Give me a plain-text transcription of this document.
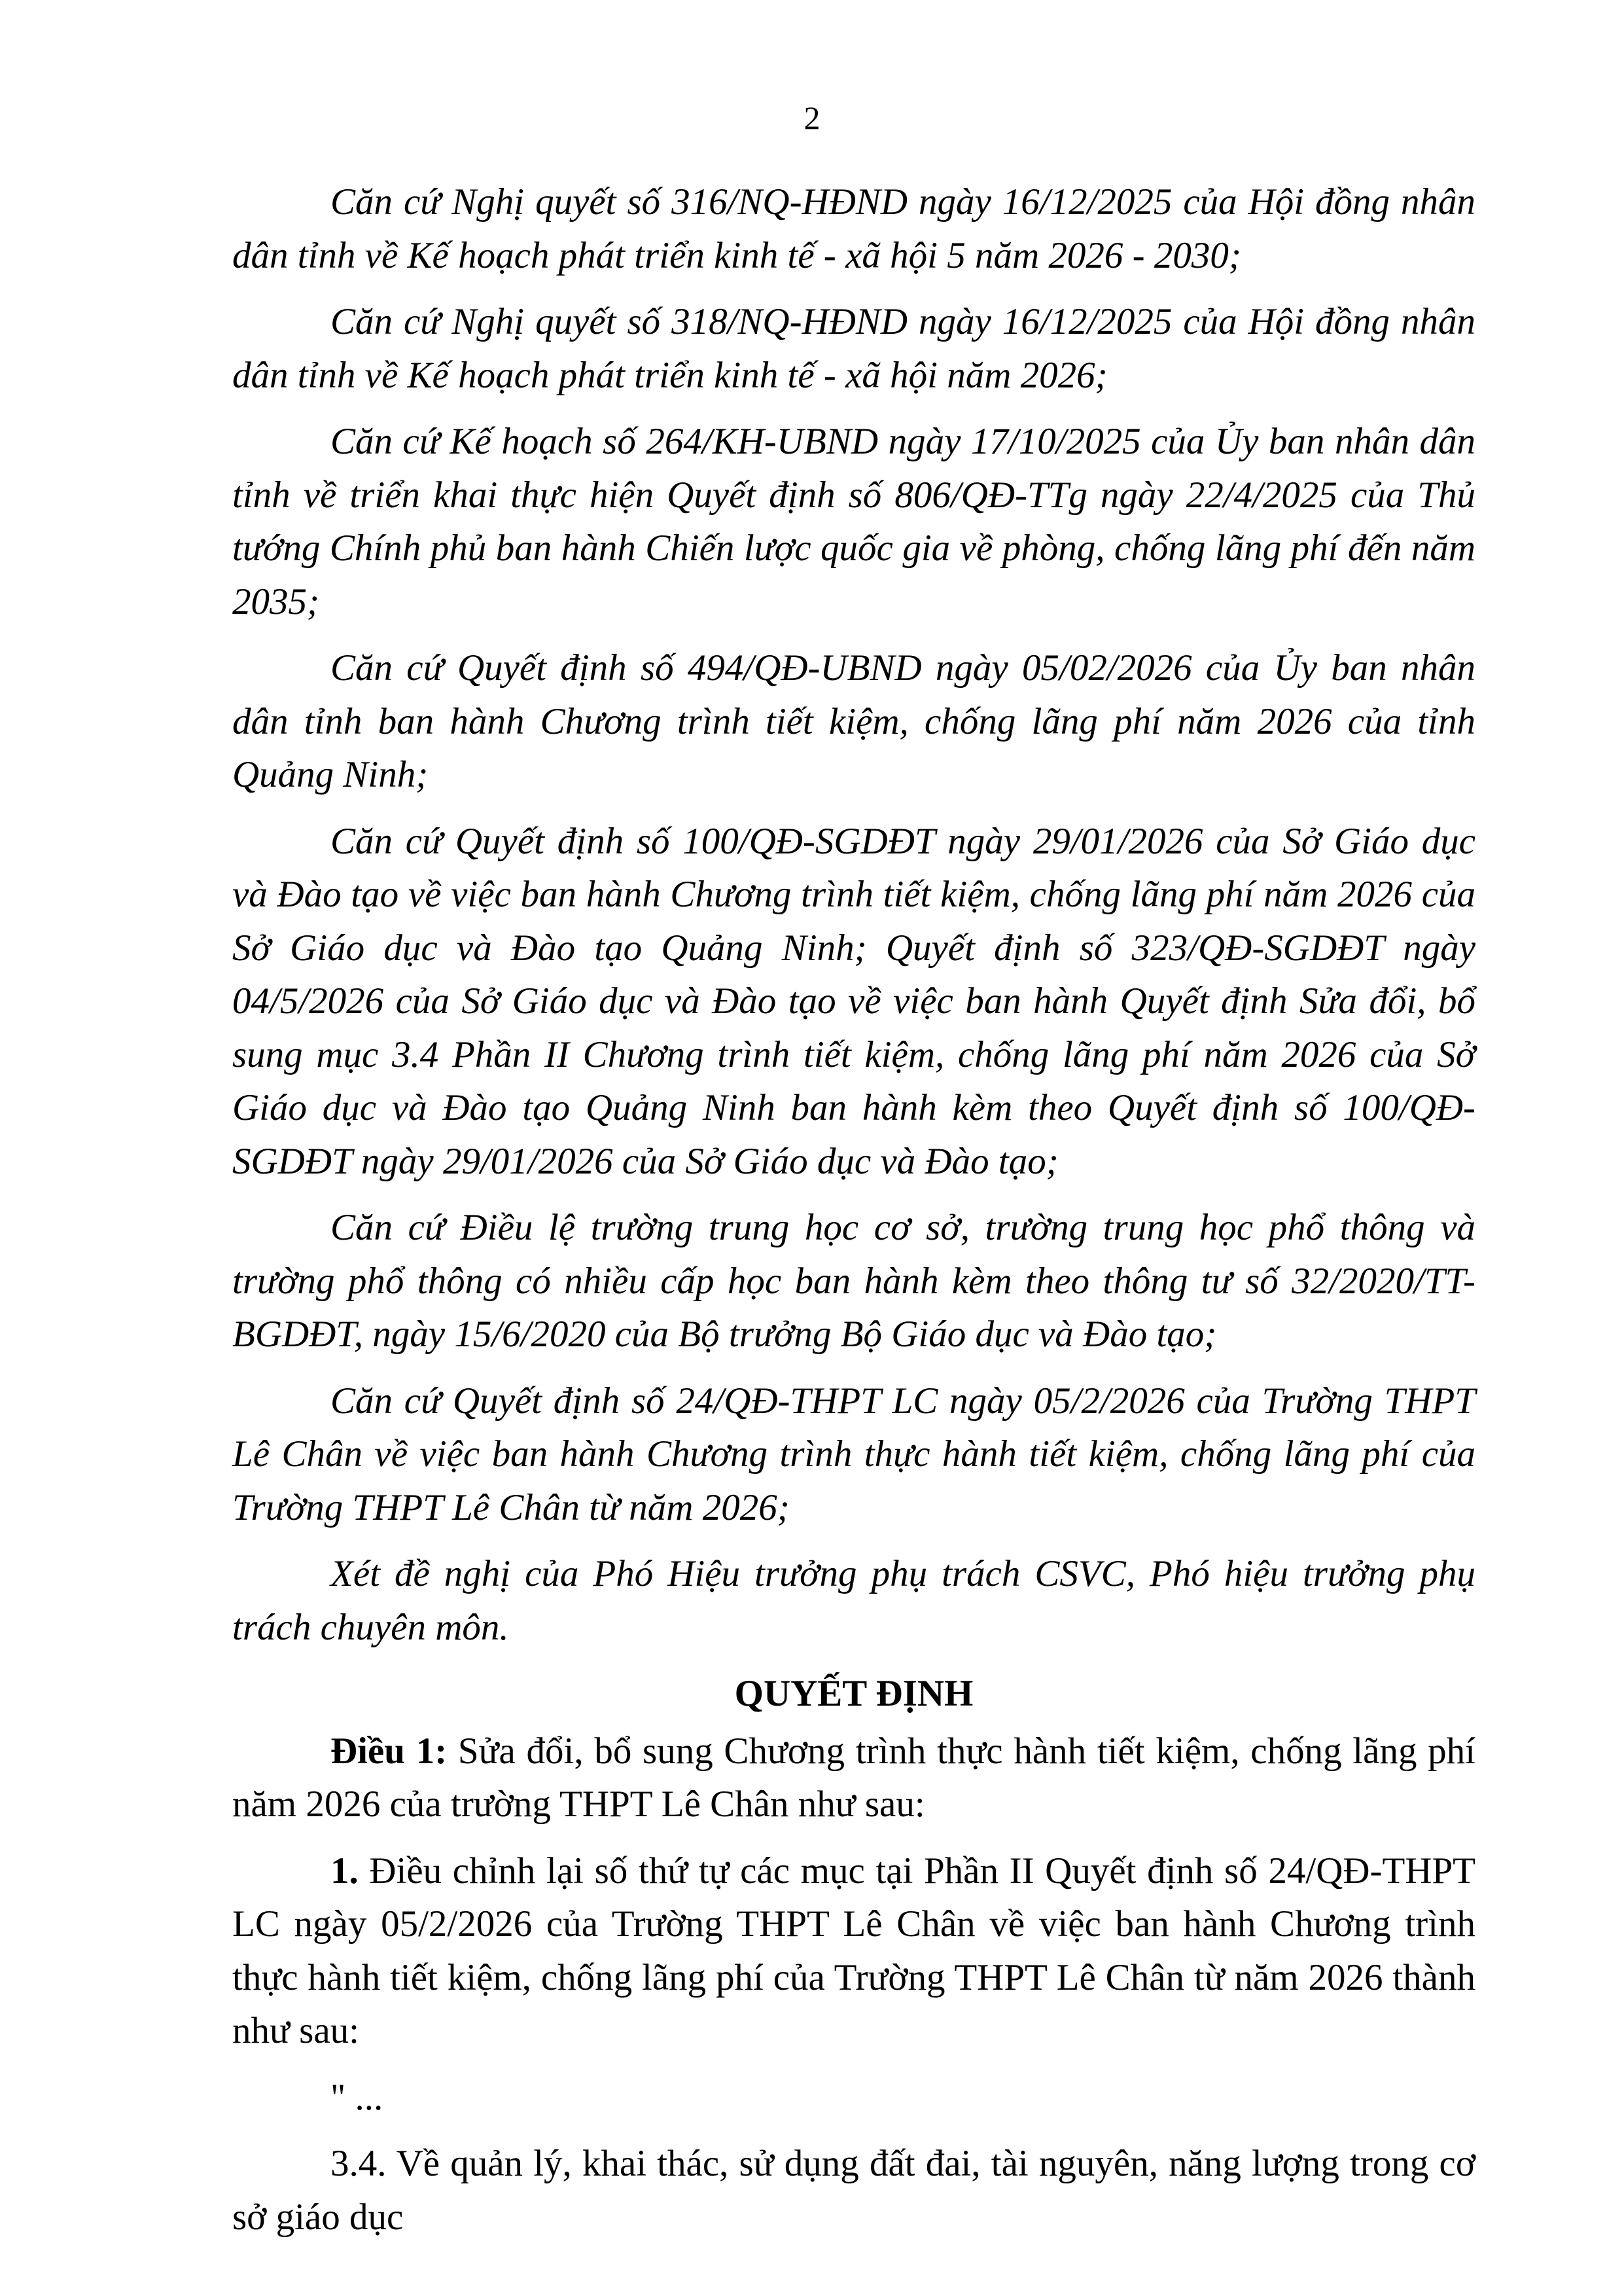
2

Căn cứ Nghị quyết số 316/NQ-HĐND ngày 16/12/2025 của Hội đồng nhân dân tỉnh về Kế hoạch phát triển kinh tế - xã hội 5 năm 2026 - 2030;

Căn cứ Nghị quyết số 318/NQ-HĐND ngày 16/12/2025 của Hội đồng nhân dân tỉnh về Kế hoạch phát triển kinh tế - xã hội năm 2026;

Căn cứ Kế hoạch số 264/KH-UBND ngày 17/10/2025 của Ủy ban nhân dân tỉnh về triển khai thực hiện Quyết định số 806/QĐ-TTg ngày 22/4/2025 của Thủ tướng Chính phủ ban hành Chiến lược quốc gia về phòng, chống lãng phí đến năm 2035;

Căn cứ Quyết định số 494/QĐ-UBND ngày 05/02/2026 của Ủy ban nhân dân tỉnh ban hành Chương trình tiết kiệm, chống lãng phí năm 2026 của tỉnh Quảng Ninh;

Căn cứ Quyết định số 100/QĐ-SGDĐT ngày 29/01/2026 của Sở Giáo dục và Đào tạo về việc ban hành Chương trình tiết kiệm, chống lãng phí năm 2026 của Sở Giáo dục và Đào tạo Quảng Ninh; Quyết định số 323/QĐ-SGDĐT ngày 04/5/2026 của Sở Giáo dục và Đào tạo về việc ban hành Quyết định Sửa đổi, bổ sung mục 3.4 Phần II Chương trình tiết kiệm, chống lãng phí năm 2026 của Sở Giáo dục và Đào tạo Quảng Ninh ban hành kèm theo Quyết định số 100/QĐ-SGDĐT ngày 29/01/2026 của Sở Giáo dục và Đào tạo;

Căn cứ Điều lệ trường trung học cơ sở, trường trung học phổ thông và trường phổ thông có nhiều cấp học ban hành kèm theo thông tư số 32/2020/TT-BGDĐT, ngày 15/6/2020 của Bộ trưởng Bộ Giáo dục và Đào tạo;

Căn cứ Quyết định số 24/QĐ-THPT LC ngày 05/2/2026 của Trường THPT Lê Chân về việc ban hành Chương trình thực hành tiết kiệm, chống lãng phí của Trường THPT Lê Chân từ năm 2026;

Xét đề nghị của Phó Hiệu trưởng phụ trách CSVC, Phó hiệu trưởng phụ trách chuyên môn.

QUYẾT ĐỊNH

Điều 1: Sửa đổi, bổ sung Chương trình thực hành tiết kiệm, chống lãng phí năm 2026 của trường THPT Lê Chân như sau:

1. Điều chỉnh lại số thứ tự các mục tại Phần II Quyết định số 24/QĐ-THPT LC ngày 05/2/2026 của Trường THPT Lê Chân về việc ban hành Chương trình thực hành tiết kiệm, chống lãng phí của Trường THPT Lê Chân từ năm 2026 thành như sau:

" ...

3.4. Về quản lý, khai thác, sử dụng đất đai, tài nguyên, năng lượng trong cơ sở giáo dục
